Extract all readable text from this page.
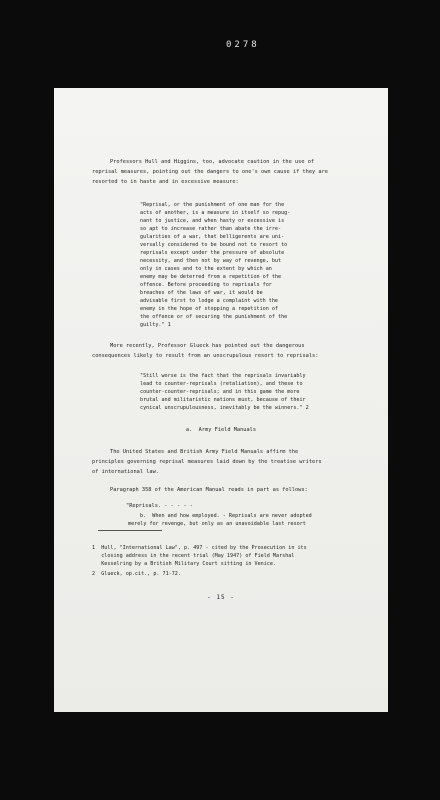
0278
Professors Hull and Higgins, too, advocate caution in the use of
reprisal measures, pointing out the dangers to one's own cause if they are
resorted to in haste and in excessive measure:
"Reprisal, or the punishment of one man for the
acts of another, is a measure in itself so repug-
nant to justice, and when hasty or excessive is
so apt to increase rather than abate the irre-
gularities of a war, that belligerents are uni-
versally considered to be bound not to resort to
reprisals except under the pressure of absolute
necessity, and then not by way of revenge, but
only in cases and to the extent by which an
enemy may be deterred from a repetition of the
offence. Before proceeding to reprisals for
breaches of the laws of war, it would be
advisable first to lodge a complaint with the
enemy in the hope of stopping a repetition of
the offence or of securing the punishment of the
guilty." 1
More recently, Professor Glueck has pointed out the dangerous
consequences likely to result from an unscrupulous resort to reprisals:
"Still worse is the fact that the reprisals invariably
lead to counter-reprisals (retaliation), and these to
counter-counter-reprisals; and in this game the more
brutal and militaristic nations must, because of their
cynical unscrupulousness, inevitably be the winners." 2
a.  Army Field Manuals
The United States and British Army Field Manuals affirm the
principles governing reprisal measures laid down by the treatise writers
of international law.
Paragraph 358 of the American Manual reads in part as follows:
"Reprisals. - - - - -
b.  When and how employed. - Reprisals are never adopted
merely for revenge, but only as an unavoidable last resort
1  Hull, "International Law", p. 497 - cited by the Prosecution in its
closing address in the recent trial (May 1947) of Field Marshal
Kesselring by a British Military Court sitting in Venice.
2  Glueck, op.cit., p. 71-72.
- 15 -
